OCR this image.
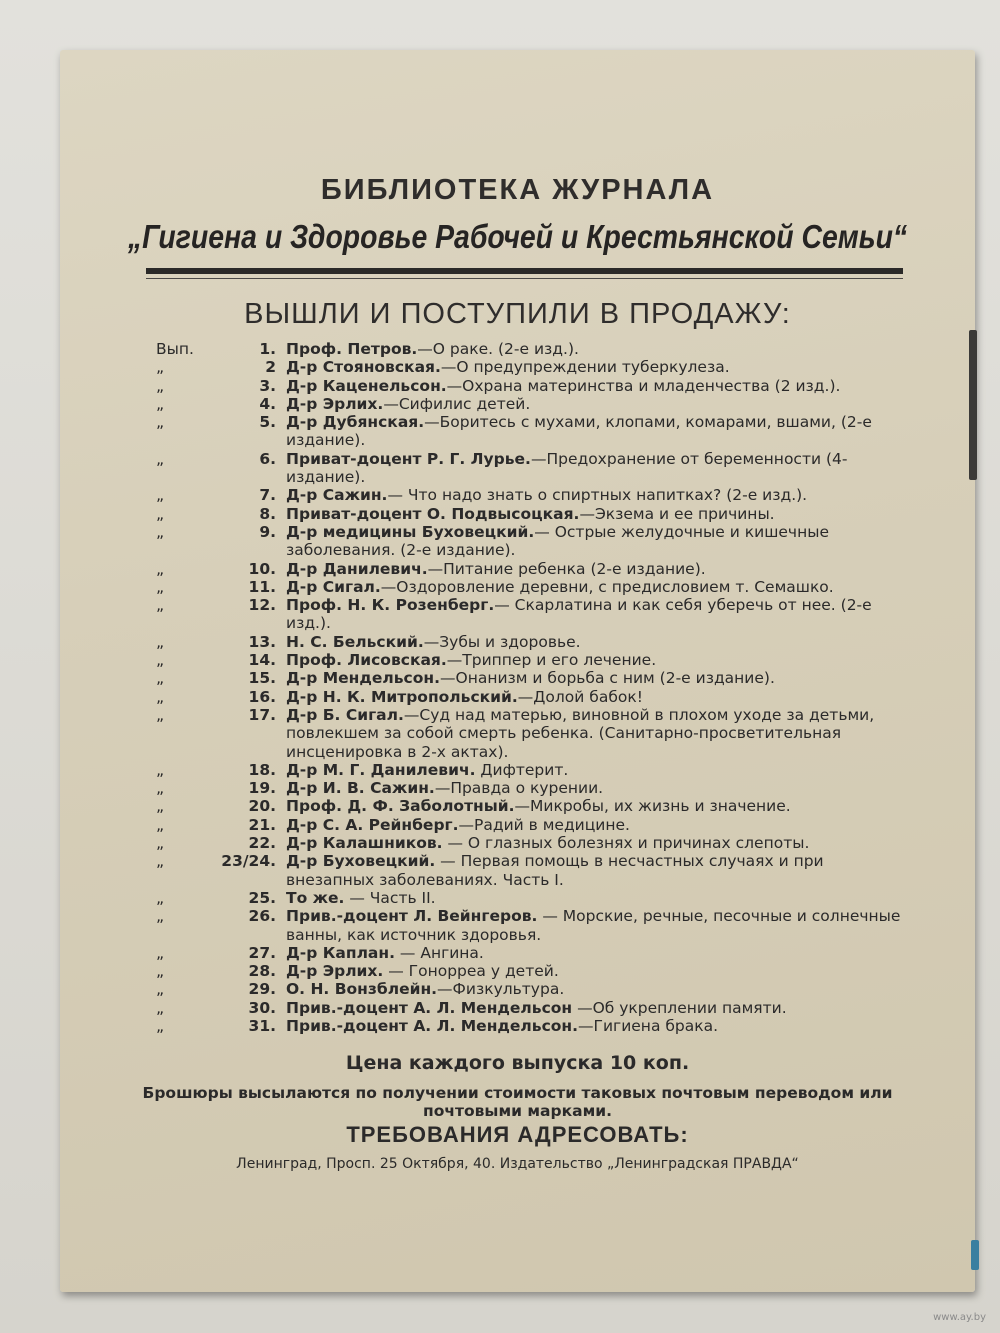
БИБЛИОТЕКА ЖУРНАЛА
„Гигиена и Здоровье Рабочей и Крестьянской Семьи“
ВЫШЛИ И ПОСТУПИЛИ В ПРОДАЖУ:
Вып.	1. Проф. Петров.—О раке. (2-е изд.).
„	2 Д-р Стояновская.—О предупреждении туберкулеза.
„	3. Д-р Каценельсон.—Охрана материнства и младенчества (2 изд.).
„	4. Д-р Эрлих.—Сифилис детей.
„	5. Д-р Дубянская.—Боритесь с мухами, клопами, комарами, вшами, (2-е издание).
„	6. Приват-доцент Р. Г. Лурье.—Предохранение от беременности (4-издание).
„	7. Д-р Сажин.— Что надо знать о спиртных напитках? (2-е изд.).
„	8. Приват-доцент О. Подвысоцкая.—Экзема и ее причины.
„	9. Д-р медицины Буховецкий.— Острые желудочные и кишечные заболевания. (2-е издание).
„	10. Д-р Данилевич.—Питание ребенка (2-е издание).
„	11. Д-р Сигал.—Оздоровление деревни, с предисловием т. Семашко.
„	12. Проф. Н. К. Розенберг.— Скарлатина и как себя уберечь от нее. (2-е изд.).
„	13. Н. С. Бельский.—Зубы и здоровье.
„	14. Проф. Лисовская.—Триппер и его лечение.
„	15. Д-р Мендельсон.—Онанизм и борьба с ним (2-е издание).
„	16. Д-р Н. К. Митропольский.—Долой бабок!
„	17. Д-р Б. Сигал.—Суд над матерью, виновной в плохом уходе за детьми, повлекшем за собой смерть ребенка. (Санитарно-просветительная инсценировка в 2-х актах).
„	18. Д-р М. Г. Данилевич. Дифтерит.
„	19. Д-р И. В. Сажин.—Правда о курении.
„	20. Проф. Д. Ф. Заболотный.—Микробы, их жизнь и значение.
„	21. Д-р С. А. Рейнберг.—Радий в медицине.
„	22. Д-р Калашников. — О глазных болезнях и причинах слепоты.
„	23/24. Д-р Буховецкий. — Первая помощь в несчастных случаях и при внезапных заболеваниях. Часть I.
„	25. То же. — Часть II.
„	26. Прив.-доцент Л. Вейнгеров. — Морские, речные, песочные и солнечные ванны, как источник здоровья.
„	27. Д-р Каплан. — Ангина.
„	28. Д-р Эрлих. — Гонорреа у детей.
„	29. О. Н. Вонзблейн.—Физкультура.
„	30. Прив.-доцент А. Л. Мендельсон —Об укреплении памяти.
„	31. Прив.-доцент А. Л. Мендельсон.—Гигиена брака.
Цена каждого выпуска 10 коп.
Брошюры высылаются по получении стоимости таковых почтовым переводом или почтовыми марками.
ТРЕБОВАНИЯ АДРЕСОВАТЬ:
Ленинград, Просп. 25 Октября, 40. Издательство „Ленинградская ПРАВДА“
www.ay.by
